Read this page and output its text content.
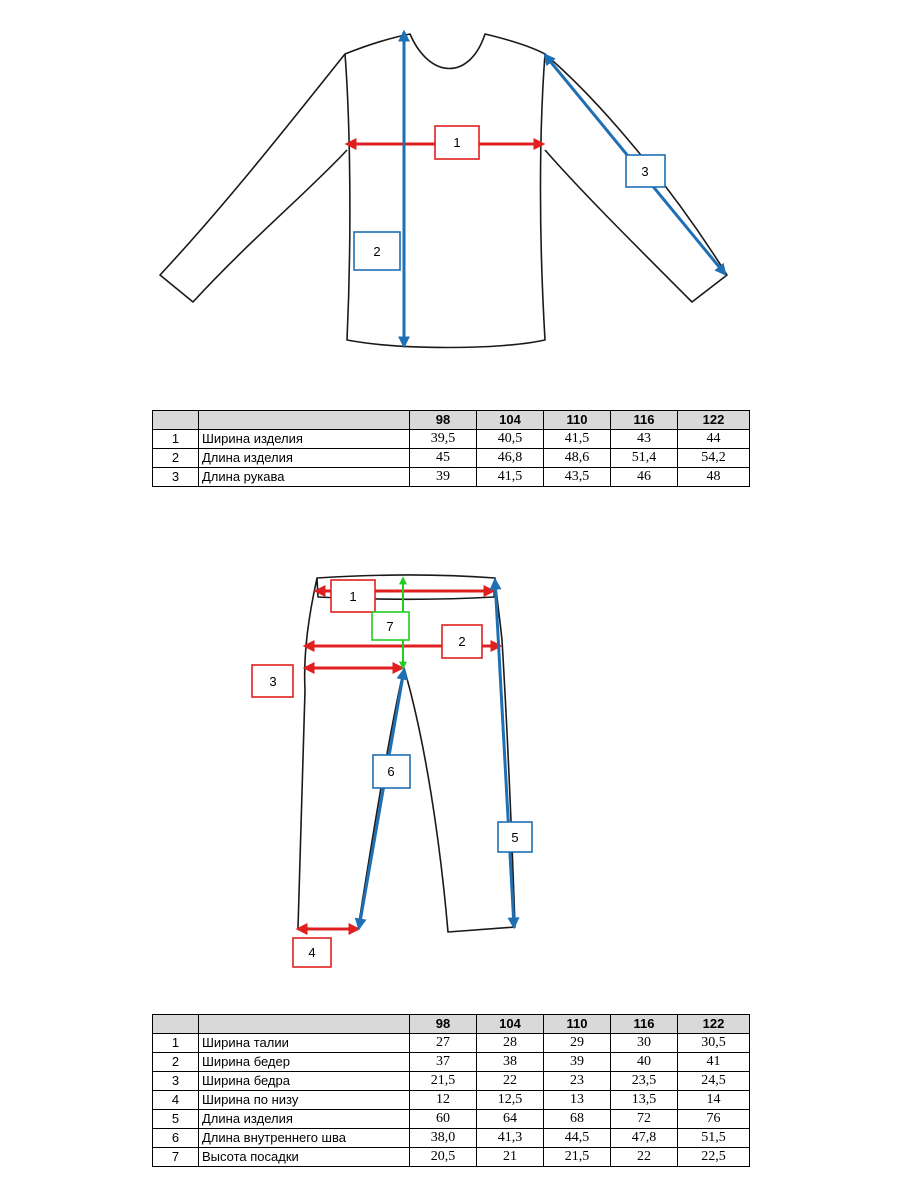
1
2
3
		98	104	110	116	122
1	Ширина изделия	39,5	40,5	41,5	43	44
2	Длина изделия	45	46,8	48,6	51,4	54,2
3	Длина рукава	39	41,5	43,5	46	48
1
2
3
4
5
6
7
		98	104	110	116	122
1	Ширина талии	27	28	29	30	30,5
2	Ширина бедер	37	38	39	40	41
3	Ширина бедра	21,5	22	23	23,5	24,5
4	Ширина по низу	12	12,5	13	13,5	14
5	Длина изделия	60	64	68	72	76
6	Длина внутреннего шва	38,0	41,3	44,5	47,8	51,5
7	Высота посадки	20,5	21	21,5	22	22,5
